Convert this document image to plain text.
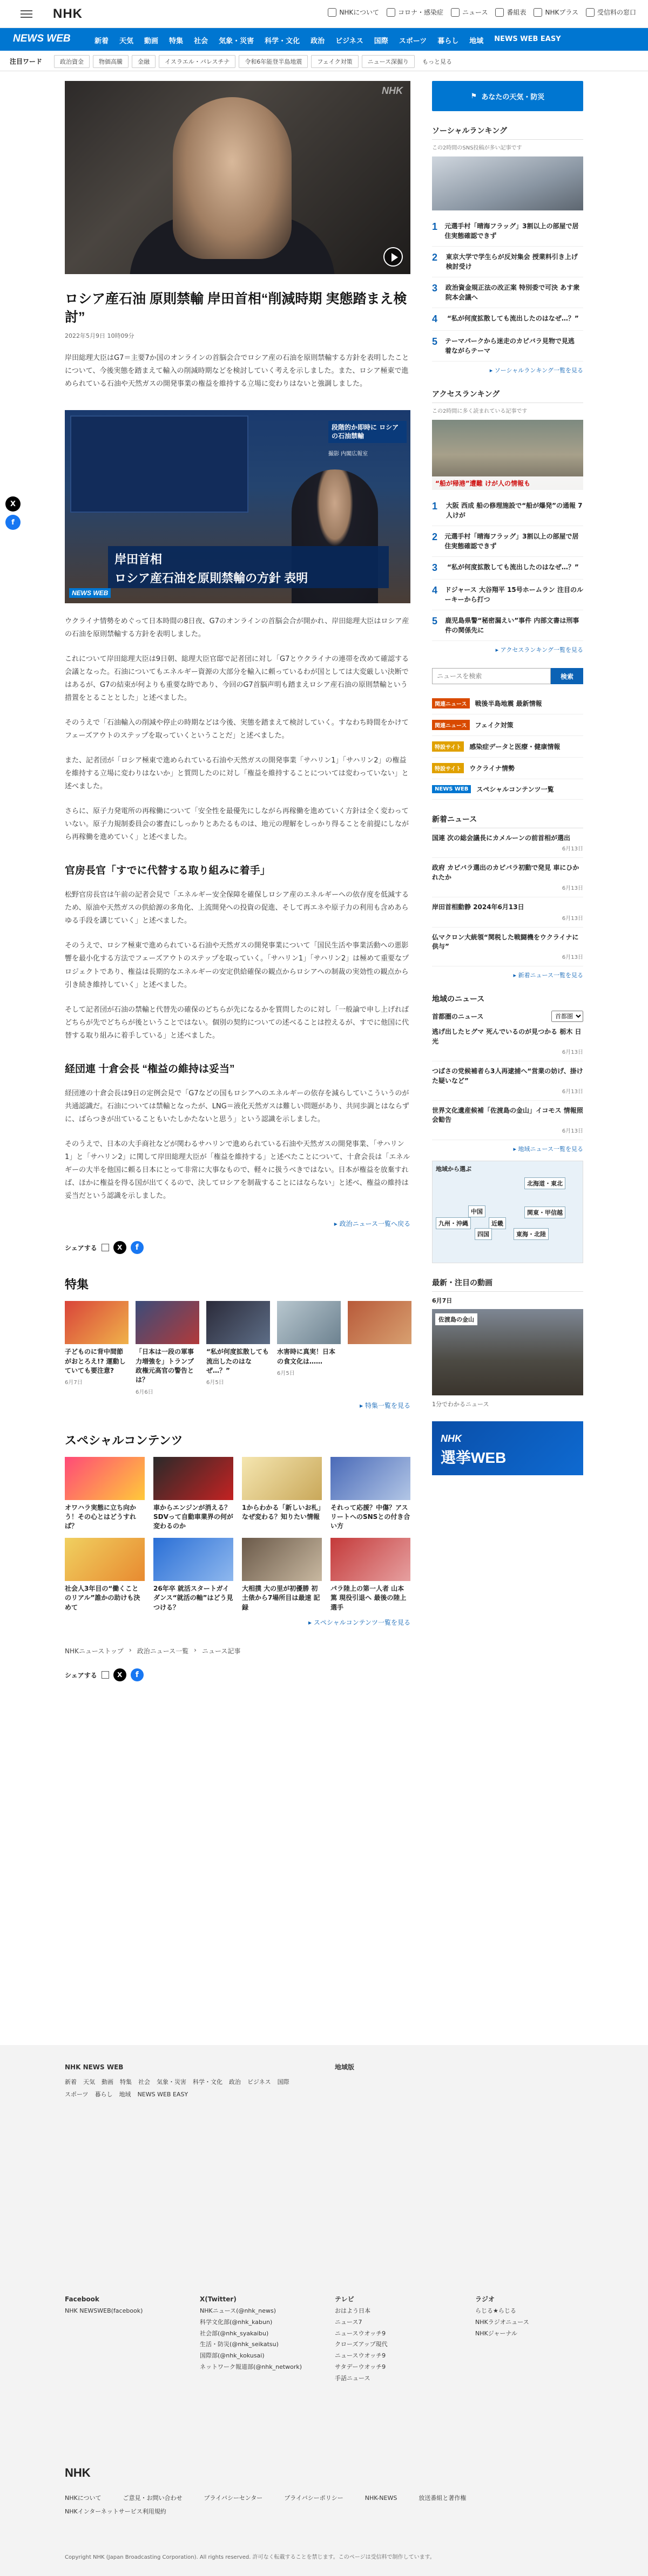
NHK	NHKについて	コロナ・感染症	ニュース	番組表	NHKプラス	受信料の窓口
NEWS WEB	新着 天気 動画 特集 社会 気象・災害 科学・文化 政治 ビジネス 国際 スポーツ 暮らし 地域 NEWS WEB EASY
注目ワード	政治資金	物価高騰	金融	イスラエル・パレスチナ	令和6年能登半島地震	フェイク対策	ニュース深掘り	もっと見る
X
f
NHK
ロシア産石油 原則禁輸 岸田首相“削減時期 実態踏まえ検討”
2022年5月9日 10時09分

岸田総理大臣はG7＝主要7か国のオンラインの首脳会合でロシア産の石油を原則禁輸する方針を表明したことについて、今後実態を踏まえて輸入の削減時期などを検討していく考えを示しました。また、ロシア極東で進められている石油や天然ガスの開発事業の権益を維持する立場に変わりはないと強調しました。

段階的か即時に ロシアの石油禁輸
撮影 内閣広報室
岸田首相
ロシア産石油を原則禁輸の方針 表明
NEWS WEB

ウクライナ情勢をめぐって日本時間の8日夜、G7のオンラインの首脳会合が開かれ、岸田総理大臣はロシア産の石油を原則禁輸する方針を表明しました。

これについて岸田総理大臣は9日朝、総理大臣官邸で記者団に対し「G7とウクライナの連帯を改めて確認する会議となった。石油についてもエネルギー資源の大部分を輸入に頼っているわが国としては大変厳しい決断ではあるが、G7の結束が何よりも重要な時であり、今回のG7首脳声明も踏まえロシア産石油の原則禁輸という措置をとることとした」と述べました。

そのうえで「石油輸入の削減や停止の時期などは今後、実態を踏まえて検討していく。すなわち時間をかけてフェーズアウトのステップを取っていくということだ」と述べました。

また、記者団が「ロシア極東で進められている石油や天然ガスの開発事業「サハリン1」「サハリン2」の権益を維持する立場に変わりはないか」と質問したのに対し「権益を維持することについては変わっていない」と述べました。

さらに、原子力発電所の再稼働について「安全性を最優先にしながら再稼働を進めていく方針は全く変わっていない。原子力規制委員会の審査にしっかりとあたるものは、地元の理解をしっかり得ることを前提にしながら再稼働を進めていく」と述べました。

官房長官「すでに代替する取り組みに着手」

松野官房長官は午前の記者会見で「エネルギー安全保障を確保しロシア産のエネルギーへの依存度を低減するため、原油や天然ガスの供給源の多角化、上流開発への投資の促進、そして再エネや原子力の利用も含めあらゆる手段を講じていく」と述べました。

そのうえで、ロシア極東で進められている石油や天然ガスの開発事業について「国民生活や事業活動への悪影響を最小化する方法でフェーズアウトのステップを取っていく。「サハリン1」「サハリン2」は極めて重要なプロジェクトであり、権益は長期的なエネルギーの安定供給確保の観点からロシアへの制裁の実効性の観点から引き続き維持していく」と述べました。

そして記者団が石油の禁輸と代替先の確保のどちらが先になるかを質問したのに対し「一般論で申し上げればどちらが先でどちらが後ということではない。個別の契約についての述べることは控えるが、すでに他国に代替する取り組みに着手している」と述べました。

経団連 十倉会長 “権益の維持は妥当”

経団連の十倉会長は9日の定例会見で「G7などの国もロシアへのエネルギーの依存を減らしていこういうのが共通認識だ。石油については禁輸となったが、LNG＝液化天然ガスは難しい問題があり、共同歩調とはならずに、ばらつきが出ていることもいたしかたないと思う」という認識を示しました。

そのうえで、日本の大手商社などが関わるサハリンで進められている石油や天然ガスの開発事業、「サハリン1」と「サハリン2」に関して岸田総理大臣が「権益を維持する」と述べたことについて、十倉会長は「エネルギーの大半を他国に頼る日本にとって非常に大事なもので、軽々に扱うべきではない。日本が権益を放棄すれば、ほかに権益を得る国が出てくるので、決してロシアを制裁することにはならない」と述べ、権益の維持は妥当だという認識を示しました。

▸ 政治ニュース一覧へ戻る
シェアする	X	f
特集
子どものに背中間節がおとろえ!? 運動していても要注意?
6月7日
「日本は一段の軍事力増強を」トランプ政権元高官の警告とは？
6月6日
“私が何度拡散しても流出したのはなぜ…？”
6月5日
水害時に真実！日本の食文化は……
6月5日
▸ 特集一覧を見る
スペシャルコンテンツ
オワハラ実態に立ち向かう！その心とはどうすれば？
車からエンジンが消える？SDVって自動車業界の何が変わるのか
1からわかる「新しいお札」なぜ変わる？知りたい情報
それって応援？中傷？アスリートへのSNSとの付き合い方
社会人3年目の“働くことのリアル”誰かの助けも決めて
26年卒 就活スタートガイダンス“就活の軸”はどう見つける？
大相撲 大の里が初優勝 初土俵から7場所目は最速 記録
パラ陸上の第一人者 山本篤 現役引退へ 最後の陸上選手
▸ スペシャルコンテンツ一覧を見る
NHKニューストップ › 政治ニュース一覧 › ニュース記事
シェアする	X	f
⚑ あなたの天気・防災
ソーシャルランキング
この2時間のSNS投稿が多い記事です
1 元選手村「晴海フラッグ」3割以上の部屋で居住実態確認できず
2	東京大学で学生らが反対集会 授業料引き上げ検討受け
3	政治資金規正法の改正案 特別委で可決 あす衆院本会議へ
4	“私が何度拡散しても流出したのはなぜ…？”
5	テーマパークから迷走のカピバラ見物で見逃 着ながらテーマ
▸ ソーシャルランキング一覧を見る
アクセスランキング
この2時間に多く読まれている記事です
“船が帰港”遭難 けが人の情報も
1	大阪 西成 船の修理施設で“船が爆発”の通報 7人けが
2 元選手村「晴海フラッグ」3割以上の部屋で居住実態確認できず
3	“私が何度拡散しても流出したのはなぜ…？”
4 ドジャース 大谷翔平 15号ホームラン 注目のルーキーから打つ
5	鹿児島県警“秘密漏えい”事件 内部文書は刑事件の関係先に
▸ アクセスランキング一覧を見る
ニュースを検索
検索
関連ニュース	戦後半島地震 最新情報
関連ニュース	フェイク対策
特設サイト	感染症データと医療・健康情報
特設サイト	ウクライナ情勢
NEWS WEB	スペシャルコンテンツ一覧
新着ニュース
国連 次の総会議長にカメルーンの前首相が選出
6月13日
政府 カピバラ選出のカピバラ初動で発見 車にひかれたか
6月13日
岸田首相動静 2024年6月13日
6月13日
仏マクロン大統領“関税した戦闘機をウクライナに供与”
6月13日
▸ 新着ニュース一覧を見る
地域のニュース
首都圏のニュース
首都圏
逃げ出したヒグマ 死んでいるのが見つかる 栃木 日光
6月13日
つばさの党候補者ら3人再逮捕へ“営業の妨げ、掛けた疑いなど”
6月13日
世界文化遺産候補「佐渡島の金山」イコモス 情報照会勧告
6月13日
▸ 地域ニュース一覧を見る
地域から選ぶ
北海道・東北
関東・甲信越
東海・北陸
近畿
中国
四国
九州・沖縄
最新・注目の動画
6月7日
佐渡島の金山
1分でわかるニュース
NHK
選挙WEB
NHK NEWS WEB
新着 天気 動画 特集 社会 気象・災害 科学・文化 政治 ビジネス 国際
スポーツ 暮らし 地域 NEWS WEB EASY
地域版
Facebook
NHK NEWSWEB(facebook)
X(Twitter)
NHKニュース(@nhk_news)
科学文化部(@nhk_kabun)
社会部(@nhk_syakaibu)
生活・防災(@nhk_seikatsu)
国際部(@nhk_kokusai)
ネットワーク報道部(@nhk_network)
テレビ
おはよう日本
ニュース7
ニュースウオッチ9
クローズアップ現代
ニュースウオッチ9
サタデーウオッチ9
手話ニュース
ラジオ
らじる★らじる
NHKラジオニュース
NHKジャーナル
NHK
NHKについて	ご意見・お問い合わせ	プライバシーセンター	プライバシーポリシー	NHK-NEWS	放送番組と著作権
NHKインターネットサービス利用規約
Copyright NHK (Japan Broadcasting Corporation). All rights reserved. 許可なく転載することを禁じます。このページは受信料で制作しています。
